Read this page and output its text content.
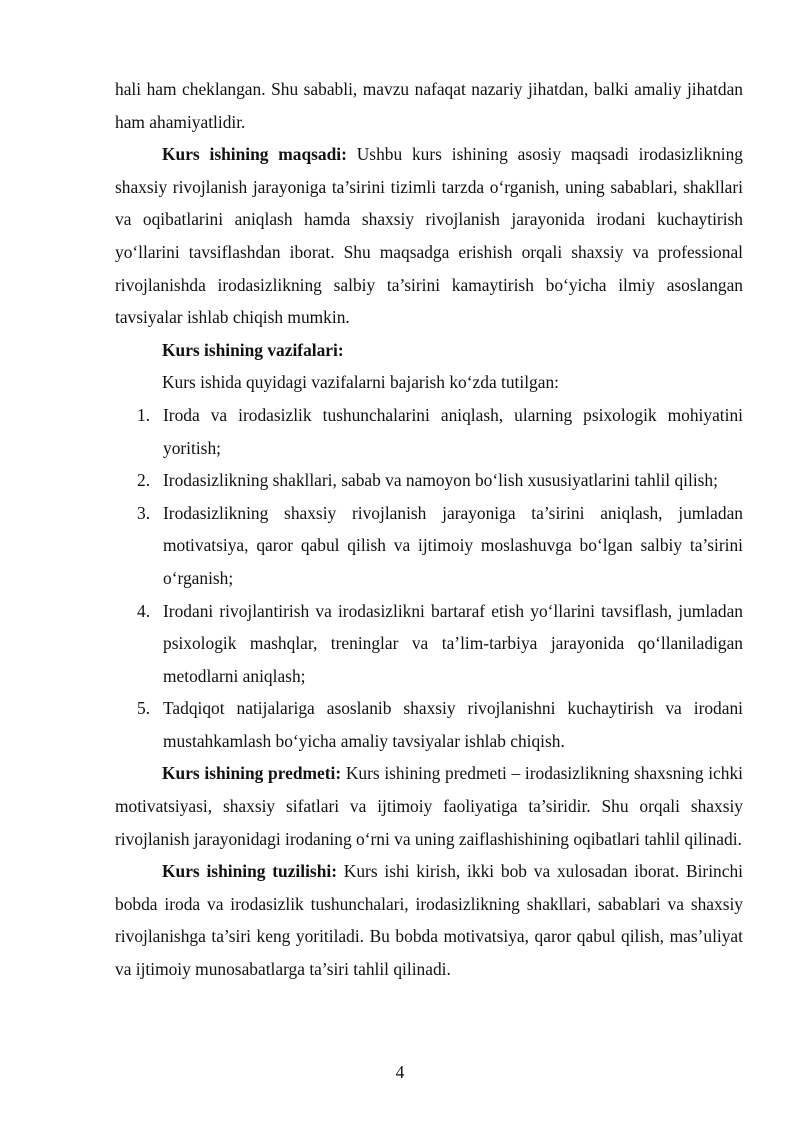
hali ham cheklangan. Shu sababli, mavzu nafaqat nazariy jihatdan, balki amaliy jihatdan ham ahamiyatlidir.

Kurs ishining maqsadi: Ushbu kurs ishining asosiy maqsadi irodasizlikning shaxsiy rivojlanish jarayoniga ta’sirini tizimli tarzda o‘rganish, uning sabablari, shakllari va oqibatlarini aniqlash hamda shaxsiy rivojlanish jarayonida irodani kuchaytirish yo‘llarini tavsiflashdan iborat. Shu maqsadga erishish orqali shaxsiy va professional rivojlanishda irodasizlikning salbiy ta’sirini kamaytirish bo‘yicha ilmiy asoslangan tavsiyalar ishlab chiqish mumkin.

Kurs ishining vazifalari:

Kurs ishida quyidagi vazifalarni bajarish ko‘zda tutilgan:

1. Iroda va irodasizlik tushunchalarini aniqlash, ularning psixologik mohiyatini yoritish;
2. Irodasizlikning shakllari, sabab va namoyon bo‘lish xususiyatlarini tahlil qilish;
3. Irodasizlikning shaxsiy rivojlanish jarayoniga ta’sirini aniqlash, jumladan motivatsiya, qaror qabul qilish va ijtimoiy moslashuvga bo‘lgan salbiy ta’sirini o‘rganish;
4. Irodani rivojlantirish va irodasizlikni bartaraf etish yo‘llarini tavsiflash, jumladan psixologik mashqlar, treninglar va ta’lim-tarbiya jarayonida qo‘llaniladigan metodlarni aniqlash;
5. Tadqiqot natijalariga asoslanib shaxsiy rivojlanishni kuchaytirish va irodani mustahkamlash bo‘yicha amaliy tavsiyalar ishlab chiqish.

Kurs ishining predmeti: Kurs ishining predmeti – irodasizlikning shaxsning ichki motivatsiyasi, shaxsiy sifatlari va ijtimoiy faoliyatiga ta’siridir. Shu orqali shaxsiy rivojlanish jarayonidagi irodaning o‘rni va uning zaiflashishining oqibatlari tahlil qilinadi.

Kurs ishining tuzilishi: Kurs ishi kirish, ikki bob va xulosadan iborat. Birinchi bobda iroda va irodasizlik tushunchalari, irodasizlikning shakllari, sabablari va shaxsiy rivojlanishga ta’siri keng yoritiladi. Bu bobda motivatsiya, qaror qabul qilish, mas’uliyat va ijtimoiy munosabatlarga ta’siri tahlil qilinadi.

4
